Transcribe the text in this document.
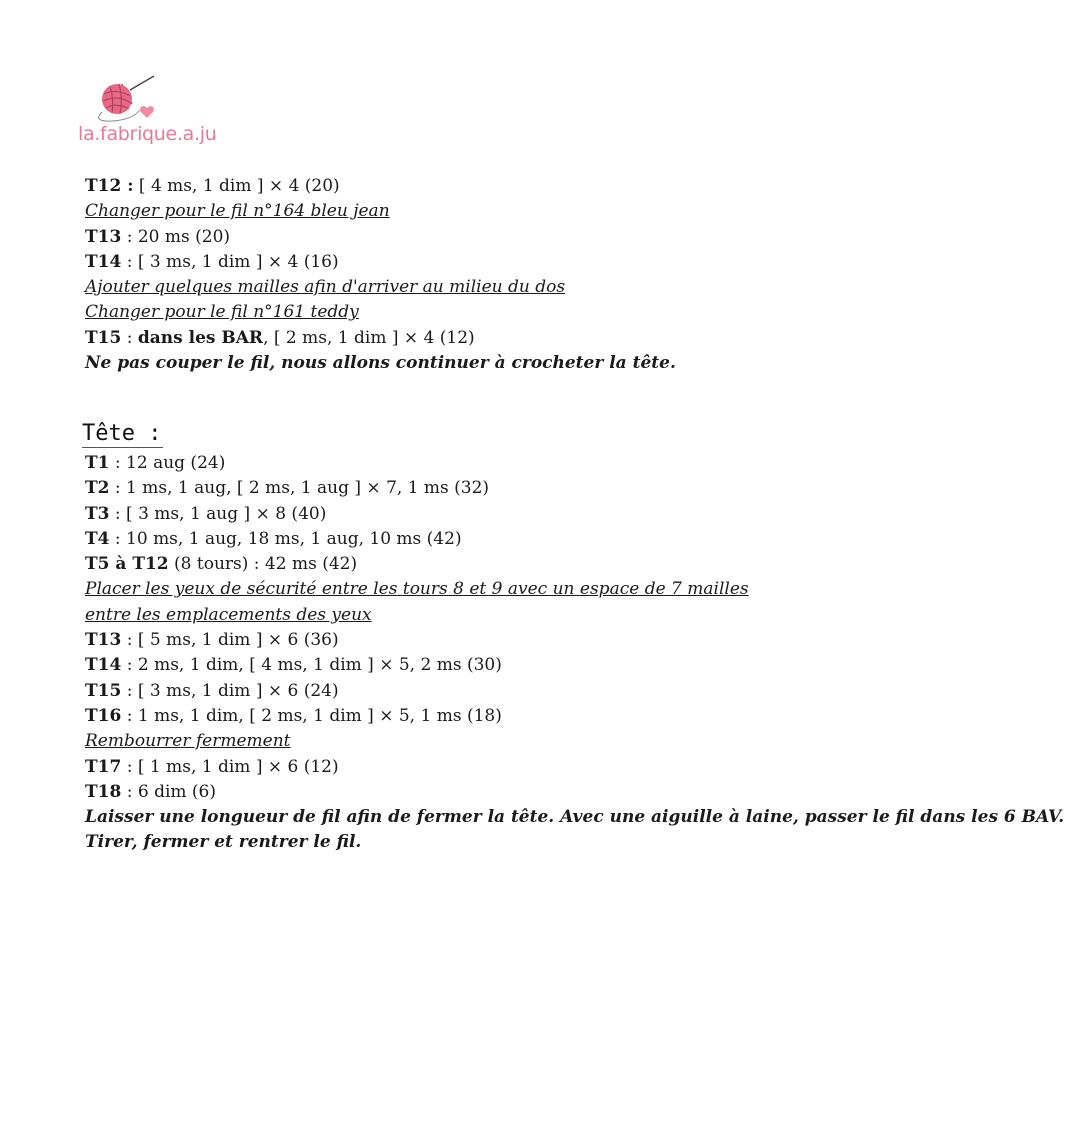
la.fabrique.a.ju
T12 : [ 4 ms, 1 dim ] × 4 (20)
Changer pour le fil n°164 bleu jean
T13 : 20 ms (20)
T14 : [ 3 ms, 1 dim ] × 4 (16)
Ajouter quelques mailles afin d'arriver au milieu du dos
Changer pour le fil n°161 teddy
T15 : dans les BAR, [ 2 ms, 1 dim ] × 4 (12)
Ne pas couper le fil, nous allons continuer à crocheter la tête.
Tête :
T1 : 12 aug (24)
T2 : 1 ms, 1 aug, [ 2 ms, 1 aug ] × 7, 1 ms (32)
T3 : [ 3 ms, 1 aug ] × 8 (40)
T4 : 10 ms, 1 aug, 18 ms, 1 aug, 10 ms (42)
T5 à T12 (8 tours) : 42 ms (42)
Placer les yeux de sécurité entre les tours 8 et 9 avec un espace de 7 mailles
entre les emplacements des yeux
T13 : [ 5 ms, 1 dim ] × 6 (36)
T14 : 2 ms, 1 dim, [ 4 ms, 1 dim ] × 5, 2 ms (30)
T15 : [ 3 ms, 1 dim ] × 6 (24)
T16 : 1 ms, 1 dim, [ 2 ms, 1 dim ] × 5, 1 ms (18)
Rembourrer fermement
T17 : [ 1 ms, 1 dim ] × 6 (12)
T18 : 6 dim (6)
Laisser une longueur de fil afin de fermer la tête. Avec une aiguille à laine, passer le fil dans les 6 BAV.
Tirer, fermer et rentrer le fil.
